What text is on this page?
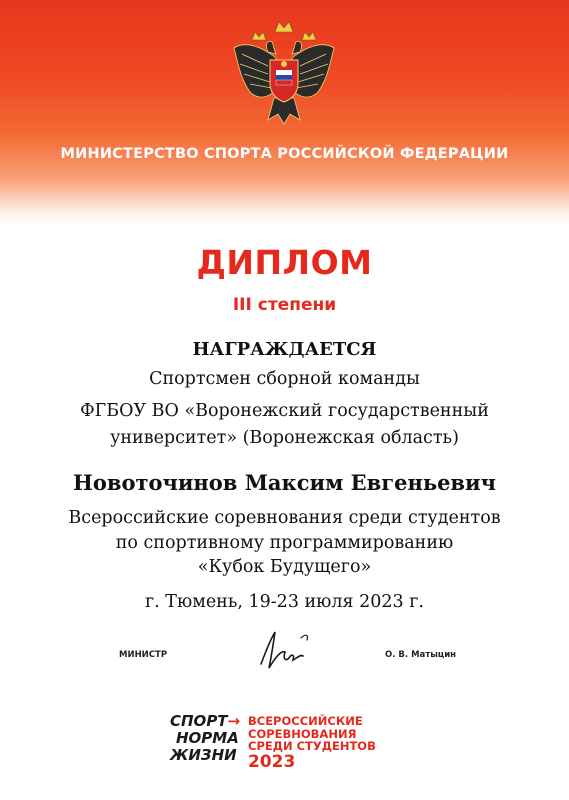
МИНИСТЕРСТВО СПОРТА РОССИЙСКОЙ ФЕДЕРАЦИИ
ДИПЛОМ
III степени
НАГРАЖДАЕТСЯ
Спортсмен сборной команды
ФГБОУ ВО «Воронежский государственный
университет» (Воронежская область)
Новоточинов Максим Евгеньевич
Всероссийские соревнования среди студентов
по спортивному программированию
«Кубок Будущего»
г. Тюмень, 19-23 июля 2023 г.
МИНИСТР	О. В. Матыцин
СПОРТ→
НОРМА
ЖИЗНИ
ВСЕРОССИЙСКИЕ
СОРЕВНОВАНИЯ
СРЕДИ СТУДЕНТОВ
2023
